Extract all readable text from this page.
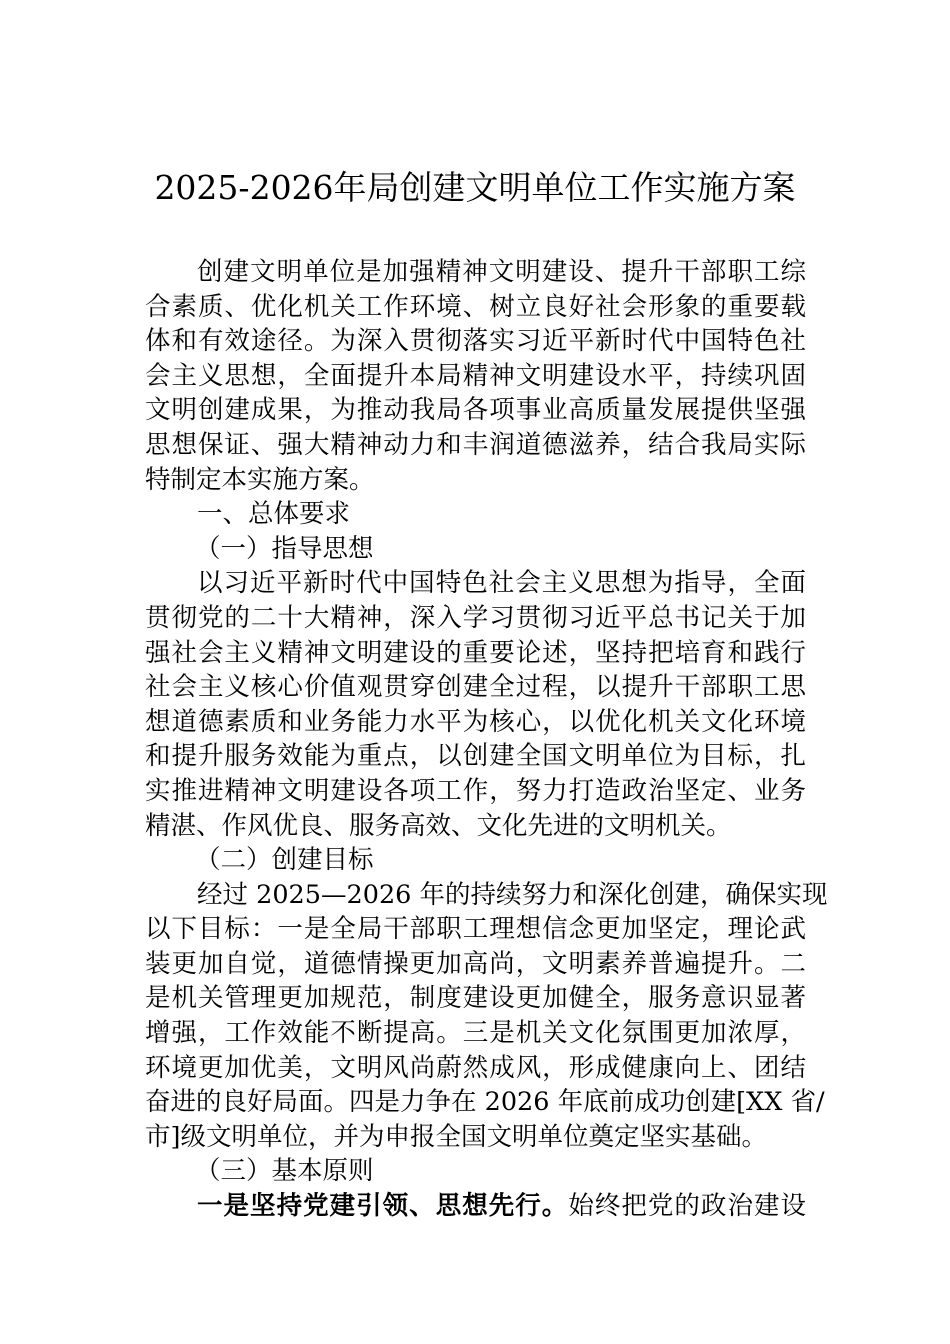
2025-2026年局创建文明单位工作实施方案
创建文明单位是加强精神文明建设、提升干部职工综
合素质、优化机关工作环境、树立良好社会形象的重要载
体和有效途径。为深入贯彻落实习近平新时代中国特色社
会主义思想，全面提升本局精神文明建设水平，持续巩固
文明创建成果，为推动我局各项事业高质量发展提供坚强
思想保证、强大精神动力和丰润道德滋养，结合我局实际
特制定本实施方案。
一、总体要求
（一）指导思想
以习近平新时代中国特色社会主义思想为指导，全面
贯彻党的二十大精神，深入学习贯彻习近平总书记关于加
强社会主义精神文明建设的重要论述，坚持把培育和践行
社会主义核心价值观贯穿创建全过程，以提升干部职工思
想道德素质和业务能力水平为核心，以优化机关文化环境
和提升服务效能为重点，以创建全国文明单位为目标，扎
实推进精神文明建设各项工作，努力打造政治坚定、业务
精湛、作风优良、服务高效、文化先进的文明机关。
（二）创建目标
经过 2025—2026 年的持续努力和深化创建，确保实现
以下目标：一是全局干部职工理想信念更加坚定，理论武
装更加自觉，道德情操更加高尚，文明素养普遍提升。二
是机关管理更加规范，制度建设更加健全，服务意识显著
增强，工作效能不断提高。三是机关文化氛围更加浓厚，
环境更加优美，文明风尚蔚然成风，形成健康向上、团结
奋进的良好局面。四是力争在 2026 年底前成功创建[XX 省/
市]级文明单位，并为申报全国文明单位奠定坚实基础。
（三）基本原则
一是坚持党建引领、思想先行。始终把党的政治建设
